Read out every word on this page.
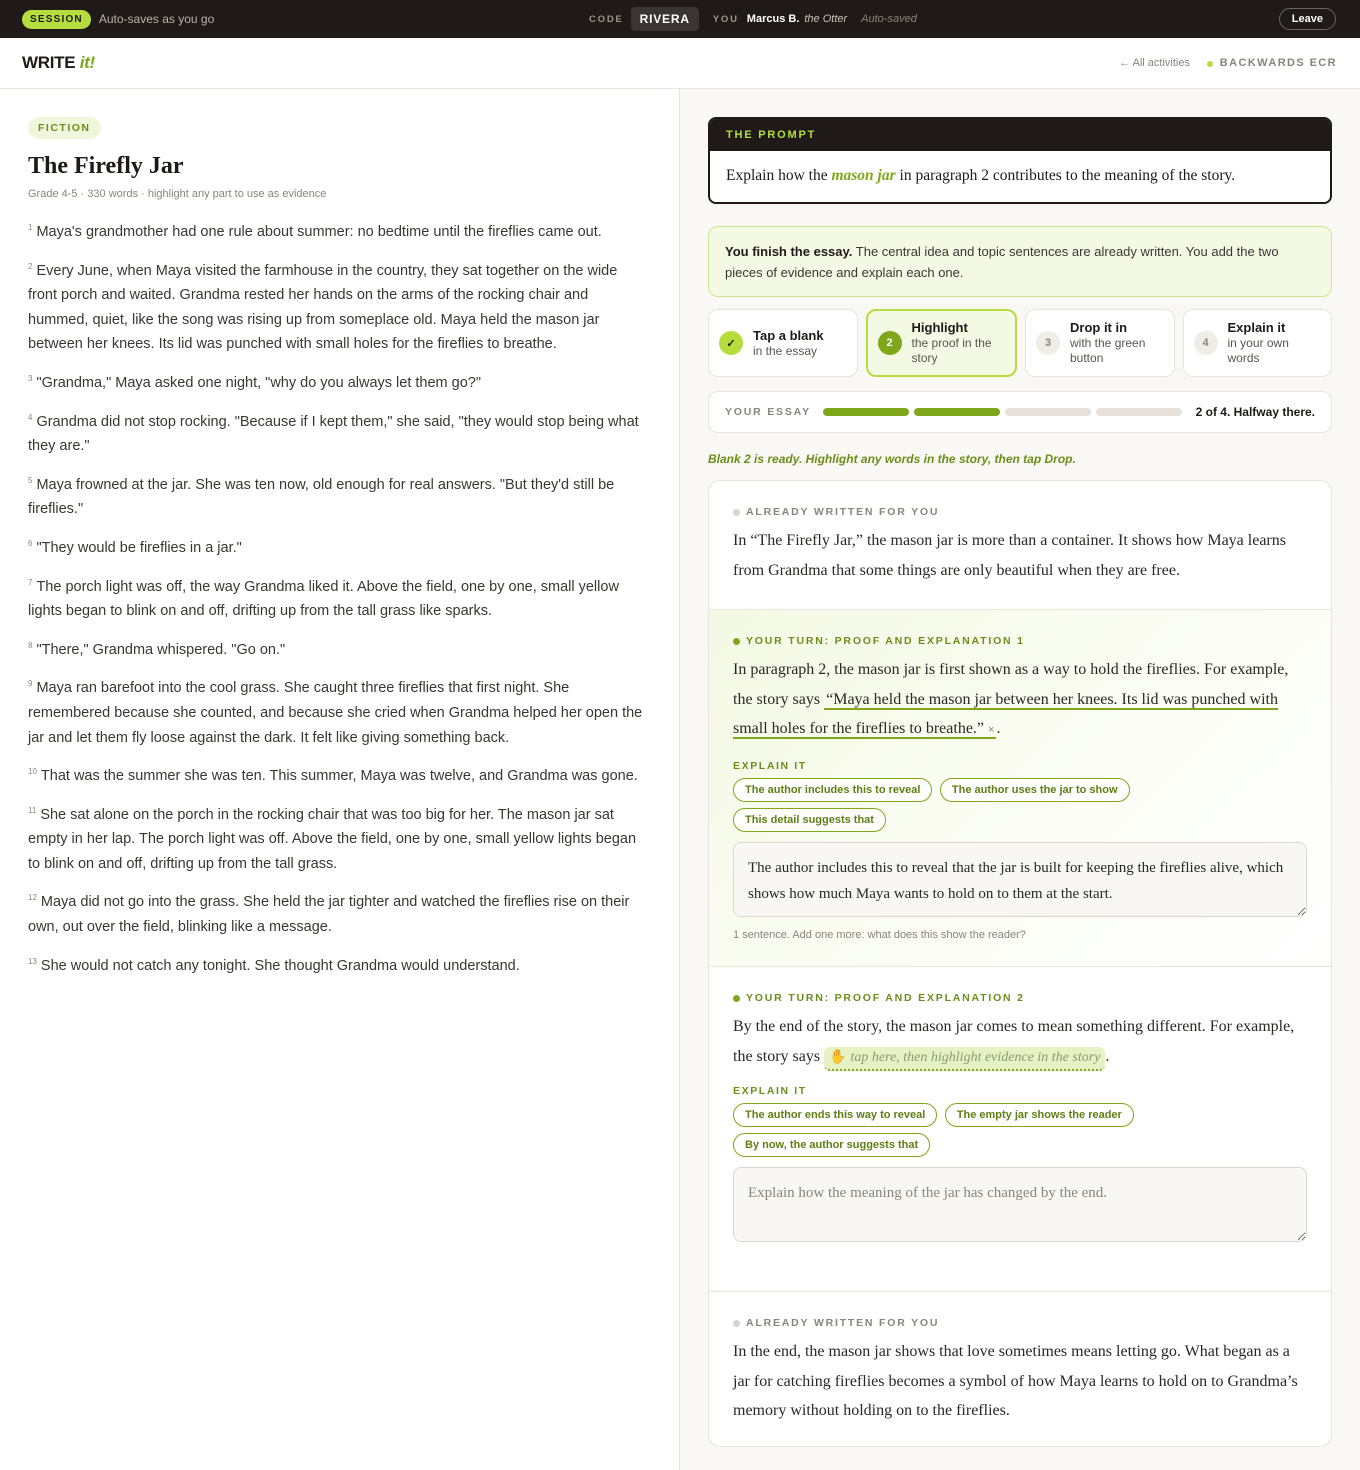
SESSION	Auto-saves as you go	CODE	RIVERA	YOU Marcus B. the Otter Auto-saved	Leave
WRITE it!	← All activities	BACKWARDS ECR
FICTION
The Firefly Jar
Grade 4-5 · 330 words · highlight any part to use as evidence

$^1$ Maya's grandmother had one rule about summer: no bedtime until the fireflies came out.

$^2$ Every June, when Maya visited the farmhouse in the country, they sat together on the wide front porch and waited. Grandma rested her hands on the arms of the rocking chair and hummed, quiet, like the song was rising up from someplace old. Maya held the mason jar between her knees. Its lid was punched with small holes for the fireflies to breathe.

$^3$ "Grandma," Maya asked one night, "why do you always let them go?"

$^4$ Grandma did not stop rocking. "Because if I kept them," she said, "they would stop being what they are."

$^5$ Maya frowned at the jar. She was ten now, old enough for real answers. "But they'd still be fireflies."

$^6$ "They would be fireflies in a jar."

$^7$ The porch light was off, the way Grandma liked it. Above the field, one by one, small yellow lights began to blink on and off, drifting up from the tall grass like sparks.

$^8$ "There," Grandma whispered. "Go on."

$^9$ Maya ran barefoot into the cool grass. She caught three fireflies that first night. She remembered because she counted, and because she cried when Grandma helped her open the jar and let them fly loose against the dark. It felt like giving something back.

$^{10}$ That was the summer she was ten. This summer, Maya was twelve, and Grandma was gone.

$^{11}$ She sat alone on the porch in the rocking chair that was too big for her. The mason jar sat empty in her lap. The porch light was off. Above the field, one by one, small yellow lights began to blink on and off, drifting up from the tall grass.

$^{12}$ Maya did not go into the grass. She held the jar tighter and watched the fireflies rise on their own, out over the field, blinking like a message.

$^{13}$ She would not catch any tonight. She thought Grandma would understand.

THE PROMPT
Explain how the mason jar in paragraph 2 contributes to the meaning of the story.
You finish the essay. The central idea and topic sentences are already written. You add the two pieces of evidence and explain each one.
✓
Tap a blank
in the essay
2
Highlight
the proof in the story
3
Drop it in
with the green button
4
Explain it
in your own words
YOUR ESSAY	2 of 4. Halfway there.
Blank 2 is ready. Highlight any words in the story, then tap Drop.
ALREADY WRITTEN FOR YOU
In “The Firefly Jar,” the mason jar is more than a container. It shows how Maya learns from Grandma that some things are only beautiful when they are free.
YOUR TURN: PROOF AND EXPLANATION 1
In paragraph 2, the mason jar is first shown as a way to hold the fireflies. For example, the story says “Maya held the mason jar between her knees. Its lid was punched with small holes for the fireflies to breathe.” × .
EXPLAIN IT
The author includes this to reveal	The author uses the jar to show This detail suggests that
The author includes this to reveal that the jar is built for keeping the fireflies alive, which shows how much Maya wants to hold on to them at the start.
1 sentence. Add one more: what does this show the reader?
YOUR TURN: PROOF AND EXPLANATION 2
By the end of the story, the mason jar comes to mean something different. For example, the story says ✋ tap here, then highlight evidence in the story .
EXPLAIN IT
The author ends this way to reveal	The empty jar shows the reader By now, the author suggests that
Explain how the meaning of the jar has changed by the end.
ALREADY WRITTEN FOR YOU
In the end, the mason jar shows that love sometimes means letting go. What began as a jar for catching fireflies becomes a symbol of how Maya learns to hold on to Grandma’s memory without holding on to the fireflies.
